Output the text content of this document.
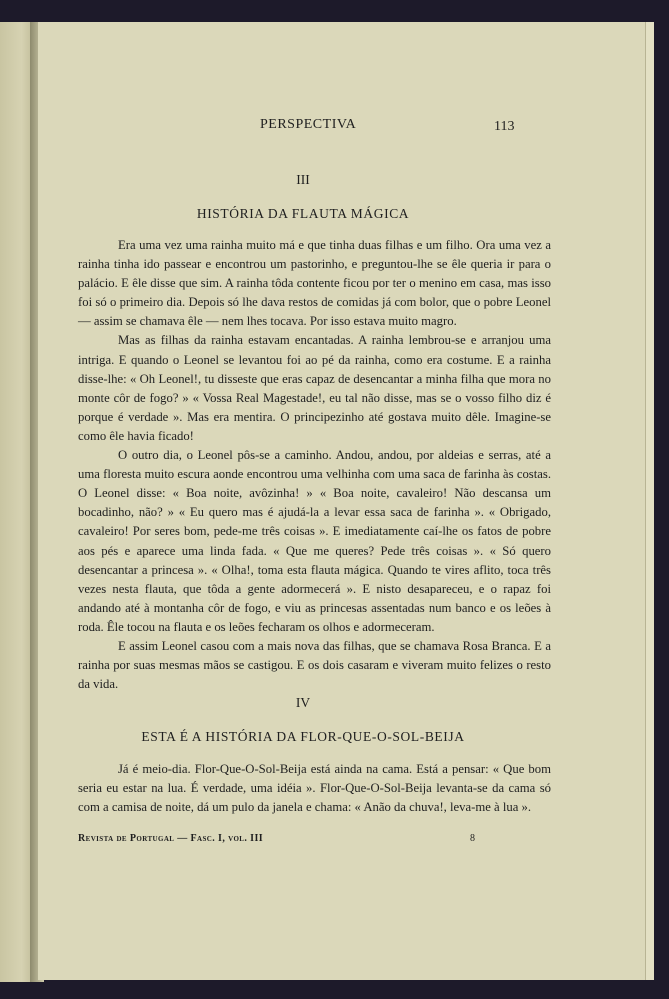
PERSPECTIVA	113
III
HISTÓRIA DA FLAUTA MÁGICA

Era uma vez uma rainha muito má e que tinha duas filhas e um filho. Ora uma vez a rainha tinha ido passear e encontrou um pastorinho, e preguntou-lhe se êle queria ir para o palácio. E êle disse que sim. A rainha tôda contente ficou por ter o menino em casa, mas isso foi só o primeiro dia. Depois só lhe dava restos de comidas já com bolor, que o pobre Leonel — assim se chamava êle — nem lhes tocava. Por isso estava muito magro.

Mas as filhas da rainha estavam encantadas. A rainha lembrou-se e arranjou uma intriga. E quando o Leonel se levantou foi ao pé da rainha, como era costume. E a rainha disse-lhe: « Oh Leonel!, tu disseste que eras capaz de desencantar a minha filha que mora no monte côr de fogo? » « Vossa Real Magestade!, eu tal não disse, mas se o vosso filho diz é porque é verdade ». Mas era mentira. O principezinho até gostava muito dêle. Imagine-se como êle havia ficado!

O outro dia, o Leonel pôs-se a caminho. Andou, andou, por aldeias e serras, até a uma floresta muito escura aonde encontrou uma velhinha com uma saca de farinha às costas. O Leonel disse: « Boa noite, avôzinha! » « Boa noite, cavaleiro! Não descansa um bocadinho, não? » « Eu quero mas é ajudá-la a levar essa saca de farinha ». « Obrigado, cavaleiro! Por seres bom, pede-me três coisas ». E imediatamente caí-lhe os fatos de pobre aos pés e aparece uma linda fada. « Que me queres? Pede três coisas ». « Só quero desencantar a princesa ». « Olha!, toma esta flauta mágica. Quando te vires aflito, toca três vezes nesta flauta, que tôda a gente adormecerá ». E nisto desapareceu, e o rapaz foi andando até à montanha côr de fogo, e viu as princesas assentadas num banco e os leões à roda. Êle tocou na flauta e os leões fecharam os olhos e adormeceram.

E assim Leonel casou com a mais nova das filhas, que se chamava Rosa Branca. E a rainha por suas mesmas mãos se castigou. E os dois casaram e viveram muito felizes o resto da vida.

IV
ESTA É A HISTÓRIA DA FLOR-QUE-O-SOL-BEIJA

Já é meio-dia. Flor-Que-O-Sol-Beija está ainda na cama. Está a pensar: « Que bom seria eu estar na lua. É verdade, uma idéia ». Flor-Que-O-Sol-Beija levanta-se da cama só com a camisa de noite, dá um pulo da janela e chama: « Anão da chuva!, leva-me à lua ».

Revista de Portugal — Fasc. I, vol. III	8
